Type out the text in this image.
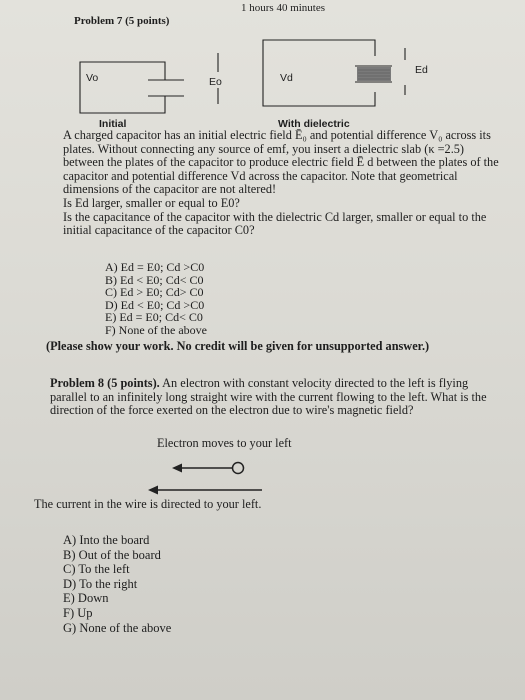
1 hours 40 minutes
Problem 7 (5 points)
Vo	Eo	Vd
Ed
Initial	With dielectric
A charged capacitor has an initial electric field Ē₀ and potential difference V₀ across its
plates. Without connecting any source of emf, you insert a dielectric slab (κ =2.5)
between the plates of the capacitor to produce electric field Ē d between the plates of the
capacitor and potential difference Vd across the capacitor. Note that geometrical
dimensions of the capacitor are not altered!
Is Ed larger, smaller or equal to E0?
Is the capacitance of the capacitor with the dielectric Cd larger, smaller or equal to the
initial capacitance of the capacitor C0?
A) Ed = E0; Cd >C0
B) Ed < E0; Cd< C0
C) Ed > E0; Cd> C0
D) Ed < E0; Cd >C0
E) Ed = E0; Cd< C0
F) None of the above
(Please show your work. No credit will be given for unsupported answer.)
Problem 8 (5 points). An electron with constant velocity directed to the left is flying
parallel to an infinitely long straight wire with the current flowing to the left. What is the
direction of the force exerted on the electron due to wire's magnetic field?
Electron moves to your left
The current in the wire is directed to your left.
A) Into the board
B) Out of the board
C) To the left
D) To the right
E) Down
F) Up
G) None of the above
